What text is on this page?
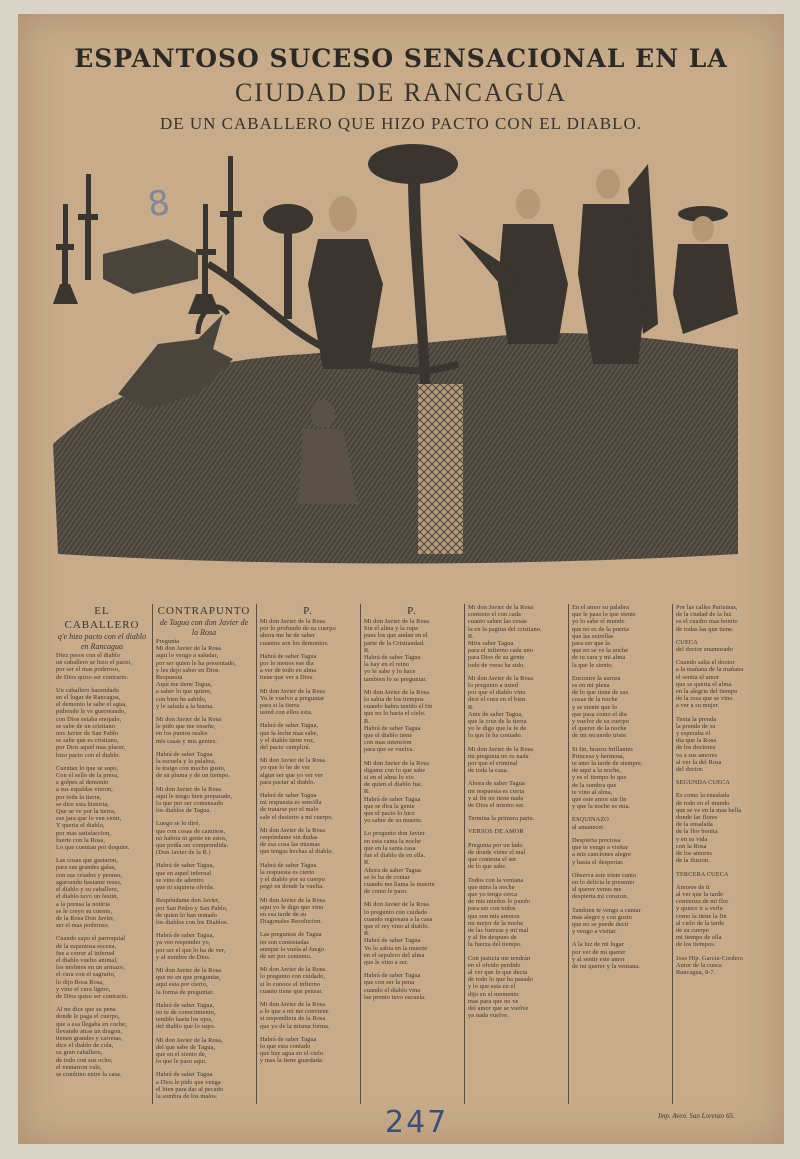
ESPANTOSO SUCESO SENSACIONAL EN LA
CIUDAD DE RANCAGUA
DE UN CABALLERO QUE HIZO PACTO CON EL DIABLO.
8
EL CABALLERO
q'e hizo pacto con el diablo en Rancagua
Diez pesos con el diablo
un caballero se hizo el pacto,
por ser el mas poderoso,
de Dios quiso ser contrario.
Un caballero hacendado
en el lugar de Rancagua,
el demonio le sabe el agua,
pidiendo le ve guerreando,
con Dios estaba enojado,
se sabe de un cristiano
nos Javier de San Pablo
se sabe que es cristiano,
por Dios aquel mas placer,
hizo pacto con el diablo.
Cuentan lo que se supo,
Con el sello de la presa,
a golpes al demonio
a sus espaldas vieron,
por toda la tierra,
se dice esta historia,
Que se ve por la tierra,
ese jara que lo ven venir,
Y queria el diablo,
por mas satisfaccion,
fuerte con la Rosa,
Lo que cuentan por doquier.
Las cosas que gastaron,
para sus grandes galas,
con sus criados y peones,
agarrando bastante reses,
el diablo y su caballero,
el diablo tuvo un festin,
a la prensa la noticia
se le creyo su cuento,
de la Rosa Don Javier,
ser el mas poderoso.
Cuando supo el parroquial
de la espantosa escena,
fue a correr al infernal
el diablo vuelto animal,
los molinos en un armazo,
el cura con el sagrario,
lo dijo Rosa Rosa,
y vino el cura ligero,
de Dios quiso ser contrario.
Al no dice que su pena
donde le paga el cuerpo,
que a esa llegaba en coche,
llevando atras un dragon,
tienen grandes y carretas,
dice el diablo de cola,
su gran caballero,
de todo con sus ocho,
el ventarron vale,
se combino entre la casa.
CONTRAPUNTO
de Tagua con don Javier de la Rosa
Pregunta
Mi don Javier de la Rosa
aqui lo vengo a saludar,
por ser quien le ha presentado,
y les dejo saber en Dios.
Respuesta
Aqui me tiene Tagua,
a saber lo que quiere,
con bien he sabido,
y le saluda a la buena.
Mi don Javier de la Rosa
le pido que me enseñe,
en los puntos reales
mis casas y mis gentes.
Habrá de saber Tagua
la escuela y la palabra,
le traigo con mucho gusto,
de su pluma y de un tiempo.
Mi don Javier de la Rosa
aqui le tengo bien preparado,
lo que por ser comenzado
los diablos de Tagua.
Luego se lo diré,
que con cosas de caminos,
no habria ni gente en estos,
que podía ser comprendida.
(Don Javier de la R.)
Habrá de saber Tagua,
que en aquel infernal
se vino de adentro
que ni siquiera olvida.
Respóndame don Javier,
por San Pedro y San Pablo,
de quien lo han tentado
los diablos con los Diablos.
Habrá de saber Tagua,
ya veo responder yo,
por ser el que lo ha de ver,
y al nombre de Dios.
Mi don Javier de la Rosa
que no en que preguntar,
aqui esta por cierto,
la forma de preguntar.
Habrá de saber Tagua,
no te de conocimiento,
temblo hasta los ojos,
del diablo que lo supo.
Mi don Javier de la Rosa,
del que sabe de Tagua,
que en el siento de,
lo que le paso aqui.
Habrá de saber Tagua
a Dios le pido que venga
el bien para dar al pecado
la sombra de los malos.
P.
Mi don Javier de la Rosa
por lo profundo de su cuerpo
ahora me he de saber
cuantos son los demonios.
Habrá de saber Tagua
por lo menos ese dia
a ver de todo en alma
tiene que ver a Dios.
Mi don Javier de la Rosa
Yo le vuelvo a preguntar
para si la tierra
usted con ellos esta.
Habrá de saber Tagua,
que la leche mas sabe,
y el diablo tiene voz,
del pacto cumplirá.
Mi don Javier de la Rosa
yo que lo he de ver
algun ser que yo ver ver
para pactar al diablo.
Habrá de saber Tagua
mi respuesta es sencilla
de tratarse por el malo
sale el desierto a mi cuerpo.
Mi don Javier de la Rosa
respóndame sin dudas
de esa cosa las mismas
que tengas hechas al diablo.
Habrá de saber Tagua
la respuesta es cierto
y el diablo por su cuerpo
pegó en donde la vuelta.
Mi don Javier de la Rosa
aqui yo le digo que vino
en esa tarde de su
Diagonales Resolucion.
Las preguntas de Tagua
no son contestadas
aunque la vuela al fuego
de ser por contento.
Mi don Javier de la Rosa
lo pregunto con cuidado,
si lo conoce el infierno
cuanto tiene que pensar.
Mi don Javier de la Rosa
a lo que a mi me conviene
si respondiera de la Rosa
que yo de la misma forma.
Habrá de saber Tagua
lo que esta contado
que hay agua en el cielo
y mas la tiene guardada.
P.
Mi don Javier de la Rosa
Sin el alma y la ropa
pues los que andan en el
parte de la Cristiandad.
R.
Habrá de saber Tagua
la hay en el reino
yo le sabe y lo hace
tambien lo se preguntar.
Mi don Javier de la Rosa
lo sabia de los tiempos
cuando habra tenido el fin
que no lo haria el cielo.
R.
Habrá de saber Tagua
que el diablo tiene
con mas intencion
para que se vuelva.
Mi don Javier de la Rosa
digame con lo que sabe
si en el alma lo vio
de quien el diablo fue.
R.
Habrá de saber Tagua
que se dira la gente
que el pacto lo hice
yo sabre de su muerte.
Lo pregunto don Javier
en esta cama la noche
que en la santa casa
fue el diablo de en ella.
R.
Ahora de saber Tagua
se lo ha de contar
cuando me llama la muerte
de como le paso.
Mi don Javier de la Rosa
lo pregunto con cuidado
cuando regresara a la casa
que el rey vino al diablo.
R.
Habrá de saber Tagua
Yo lo sabia en la muerte
en el sepulcro del alma
que le vino a ser.
Habrá de saber Tagua
que con ser la pena
cuando el diablo vino
las pronto tuvo escuela.
Mi don Javier de la Rosa
contesto el con cada
cuanto saben las cosas
la en la pagina del cristiano.
R.
Mira saber Tagua
para el infierno cada uno
para Dios de su gente
todo de veras ha sido.
Mi don Javier de la Rosa
lo pregunto a usted
por que el diablo vino
dice el cura en el bien.
R.
Ante de saber Tagua,
que la cruz de la tierra
yo le digo que la fe de
lo que le ha contado.
Mi don Javier de la Rosa
mi pregunta no es nada
por que el criminal
de toda la casa.
Ahora de saber Tagua
mi respuesta es cierta
y al fin no tiene nada
de Dios el mismo ser.
Termina la primera parte.
VERSOS DE AMOR
Pregunta por un lado
de donde viene el mal
que contesta el ser
de lo que sabe.
Todos con la ventana
que mira la noche
que yo tengo cerca
de mis miedos lo puedo
para ser con todos
que son mis amores
mi mejor de la noche
de las fuerzas y mi mal
y al fin despues de
la fuerza del tiempo.
Con justicia me tendrán
en el olvido perdido
al ver que lo que decia
de todo lo que ha pasado
y lo que esta en el
dijo en el momento
mas para que no ve
del amor que se vuelve
ya nada vuelve.
En el amor su palabra
que le pasa lo que siente
yo lo sabe el mundo
que no es de la puerta
que las estrellas
para ser que la
que no se ve la noche
de tu cara y mi alma
la que le siento.
Encontre la aurora
es en mi plena
de lo que tiene de sus
cosas de la noche
y se siente que lo
que pasa como el dia
y vuelve de su cuerpo
el querer de la noche
de mi recuerdo triste.
Si fin, brazos brillantes
Princesa y hermosa,
te amo la tarde de siempre,
de aqui a la noche,
y es el tiempo lo que
de la sombra que
te vino al alma,
que este amor sin fin
y que la noche es mia.
ESQUINAZO
al amanecer
Despierta preciosa
que te vengo a visitar
a mis canciones alegre
y hasta el despertar.
Observa este triste canto
en lo delicia le presento
al querer venus me
despierta mi corazon.
Tambien te vengo a cantar
mas alegre y con gusto
que no se puede decir
y vengo a visitar.
A la luz de mi lugar
por ver de mi querer
y al sentir este amor
de mi querer y la ventana.
Por las calles Parisinas,
de la ciudad de la luz
es el cuadro mas bonito
de todas las que tiene.
CUECA
del doctor enamorado
Cuando salia el doctor
a la mañana de la mañana
el sentia el amor
que se queria el alma
en la alegria del tiempo
de la rosa que se vino
a ver a su mujer.
Tenia la prenda
la prenda de su
y esperaba el
dia que la Rosa
de los doctores
va a sus amores
al ver la del Rosa
del doctor.
SEGUNDA CUECA
Es como la ensalada
de todo en el mundo
que se ve en la mas bella
donde las flores
de la ensalada
de la flor bonita
y en su vida
con la Rosa
de los amores
de la ilusion.
TERCERA CUECA
Amores de ti
al ver que la tarde
comienza de mi flor
y quiero ir a verla
como la tiene la fin
al cielo de la tarde
de su cuerpo
mi tiempo de ella
de los tiempos.
Jose Hip. Garcia-Cordero
Autor de la cueca
Rancagua, 8-7.
Imp. Aven. San Lorenzo 65.
247
